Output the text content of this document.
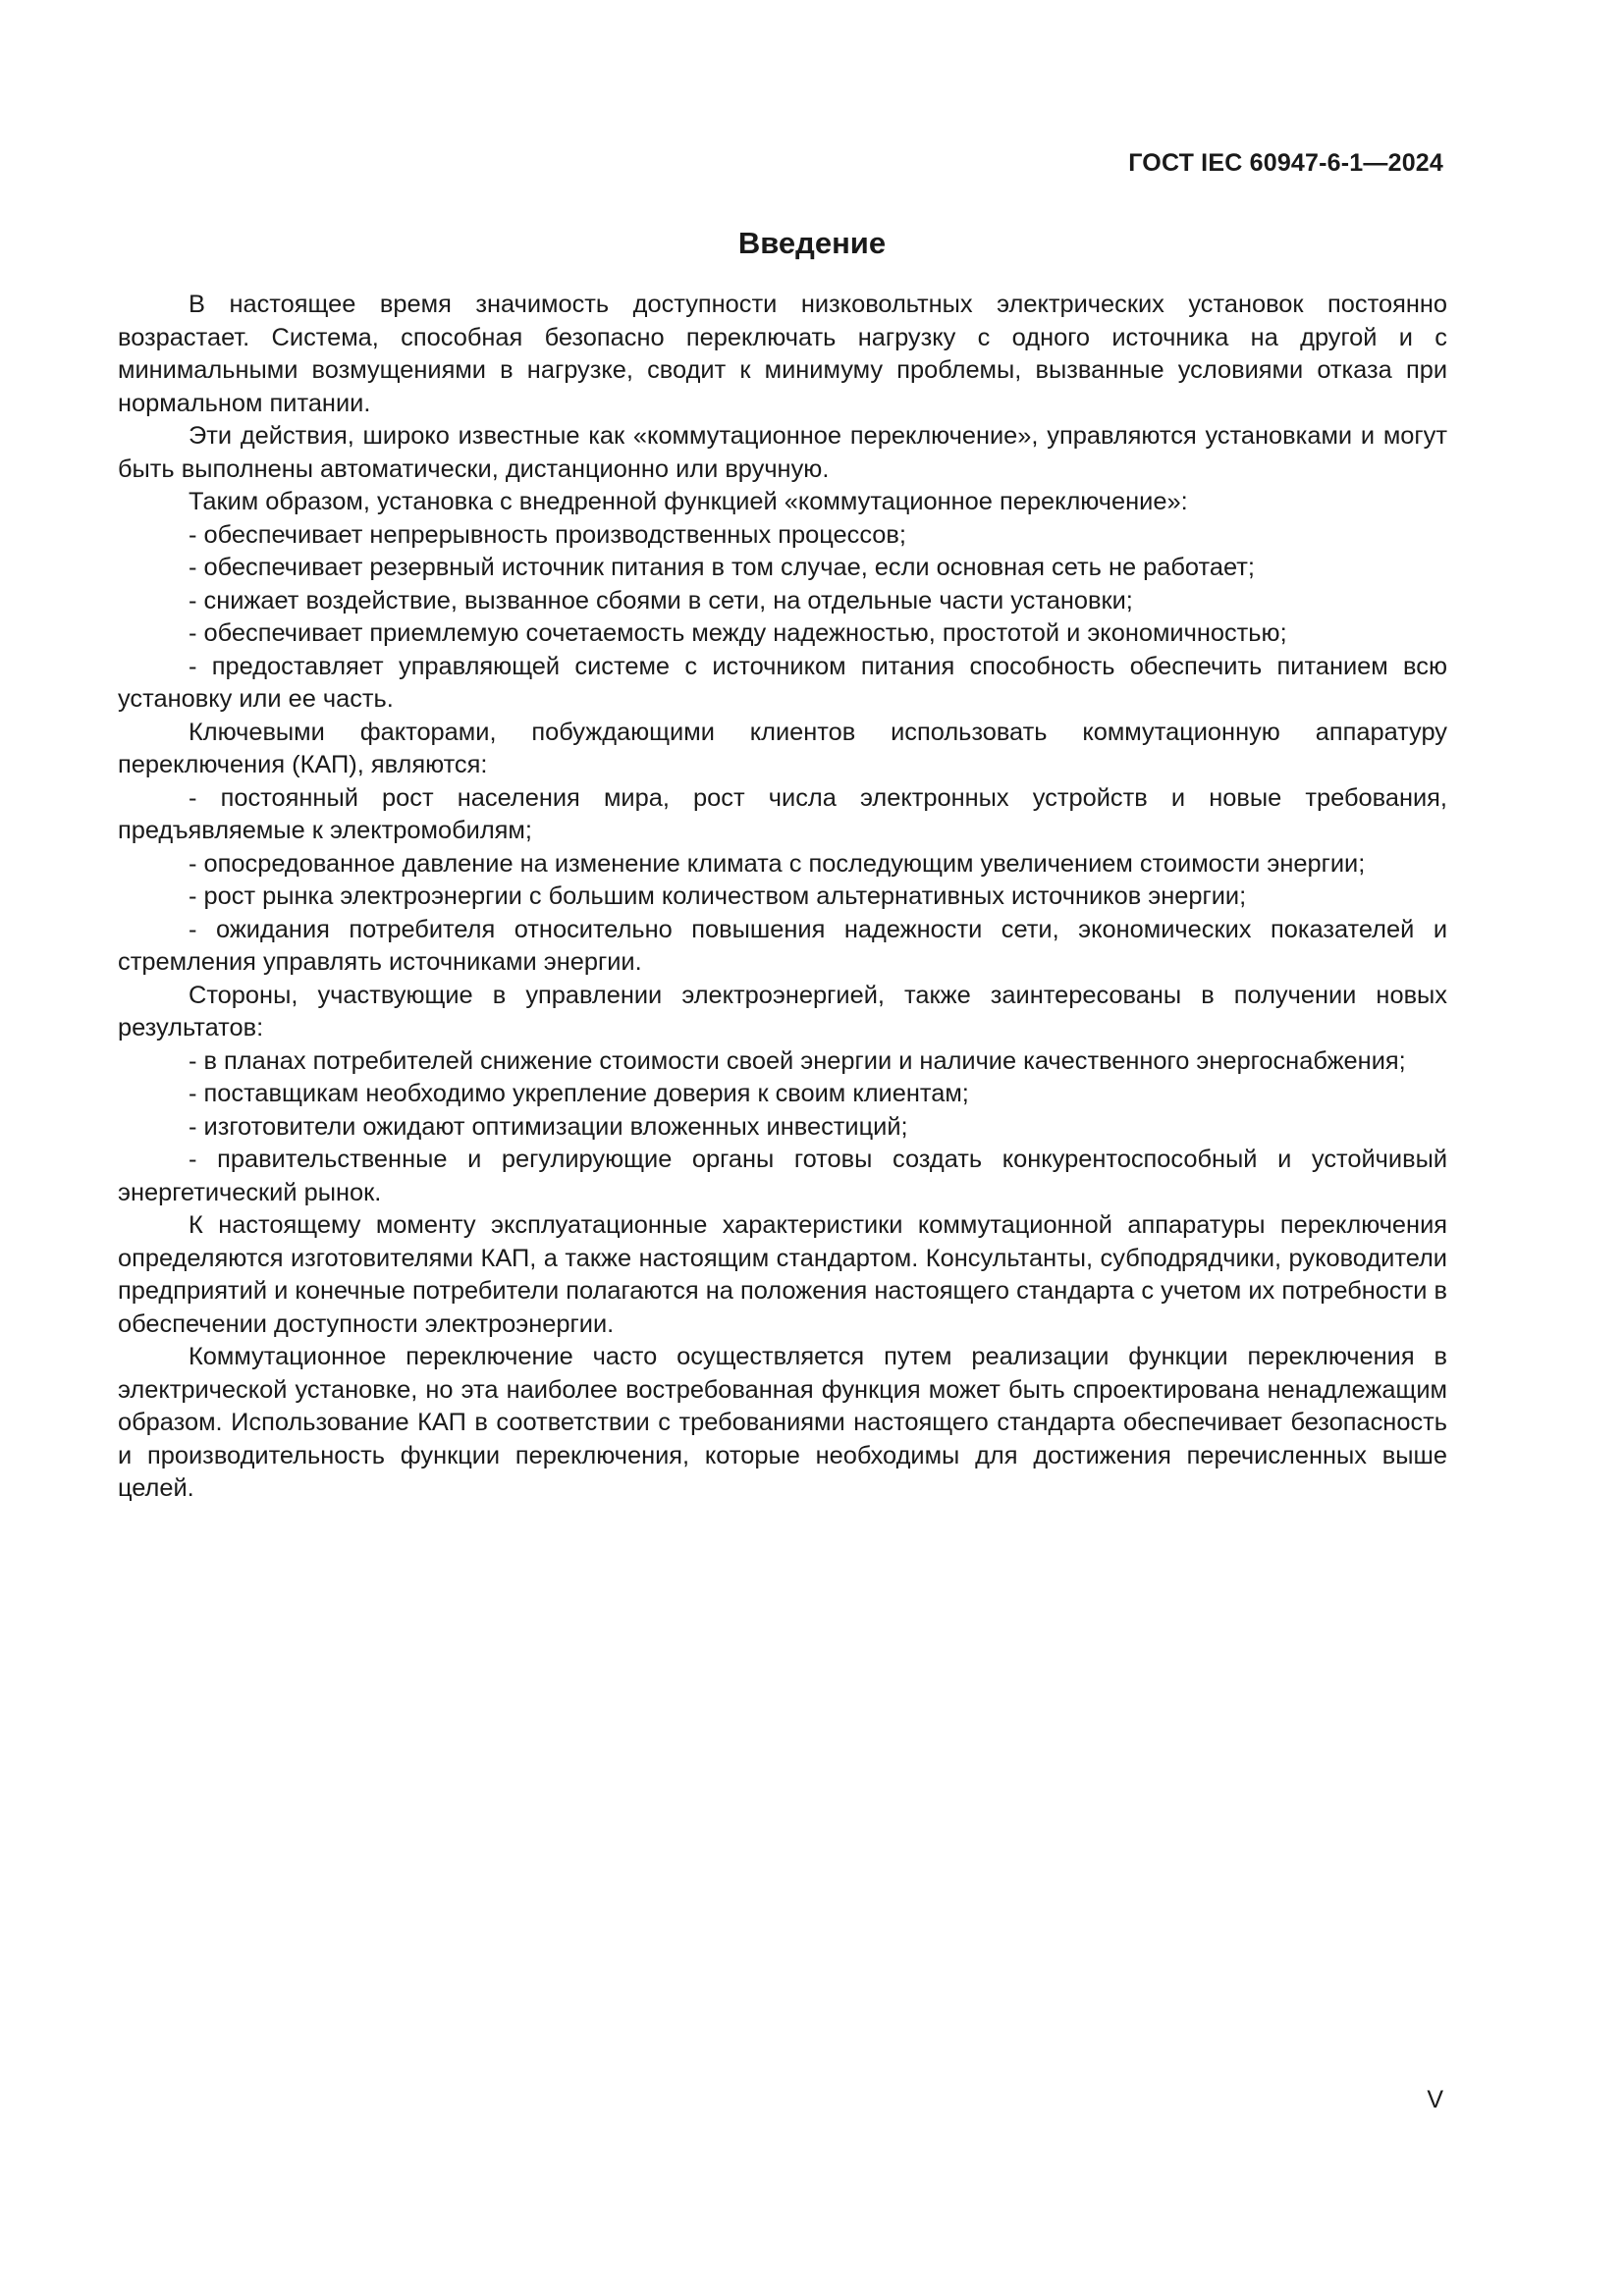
ГОСТ IEC 60947-6-1—2024
Введение

В настоящее время значимость доступности низковольтных электрических установок постоянно возрастает. Система, способная безопасно переключать нагрузку с одного источника на другой и с минимальными возмущениями в нагрузке, сводит к минимуму проблемы, вызванные условиями отказа при нормальном питании.

Эти действия, широко известные как «коммутационное переключение», управляются установками и могут быть выполнены автоматически, дистанционно или вручную.

Таким образом, установка с внедренной функцией «коммутационное переключение»:

- обеспечивает непрерывность производственных процессов;

- обеспечивает резервный источник питания в том случае, если основная сеть не работает;

- снижает воздействие, вызванное сбоями в сети, на отдельные части установки;

- обеспечивает приемлемую сочетаемость между надежностью, простотой и экономичностью;

- предоставляет управляющей системе с источником питания способность обеспечить питанием всю установку или ее часть.

Ключевыми факторами, побуждающими клиентов использовать коммутационную аппаратуру переключения (КАП), являются:

- постоянный рост населения мира, рост числа электронных устройств и новые требования, предъявляемые к электромобилям;

- опосредованное давление на изменение климата с последующим увеличением стоимости энергии;

- рост рынка электроэнергии с большим количеством альтернативных источников энергии;

- ожидания потребителя относительно повышения надежности сети, экономических показателей и стремления управлять источниками энергии.

Стороны, участвующие в управлении электроэнергией, также заинтересованы в получении новых результатов:

- в планах потребителей снижение стоимости своей энергии и наличие качественного энергоснабжения;

- поставщикам необходимо укрепление доверия к своим клиентам;

- изготовители ожидают оптимизации вложенных инвестиций;

- правительственные и регулирующие органы готовы создать конкурентоспособный и устойчивый энергетический рынок.

К настоящему моменту эксплуатационные характеристики коммутационной аппаратуры переключения определяются изготовителями КАП, а также настоящим стандартом. Консультанты, субподрядчики, руководители предприятий и конечные потребители полагаются на положения настоящего стандарта с учетом их потребности в обеспечении доступности электроэнергии.

Коммутационное переключение часто осуществляется путем реализации функции переключения в электрической установке, но эта наиболее востребованная функция может быть спроектирована ненадлежащим образом. Использование КАП в соответствии с требованиями настоящего стандарта обеспечивает безопасность и производительность функции переключения, которые необходимы для достижения перечисленных выше целей.

V
